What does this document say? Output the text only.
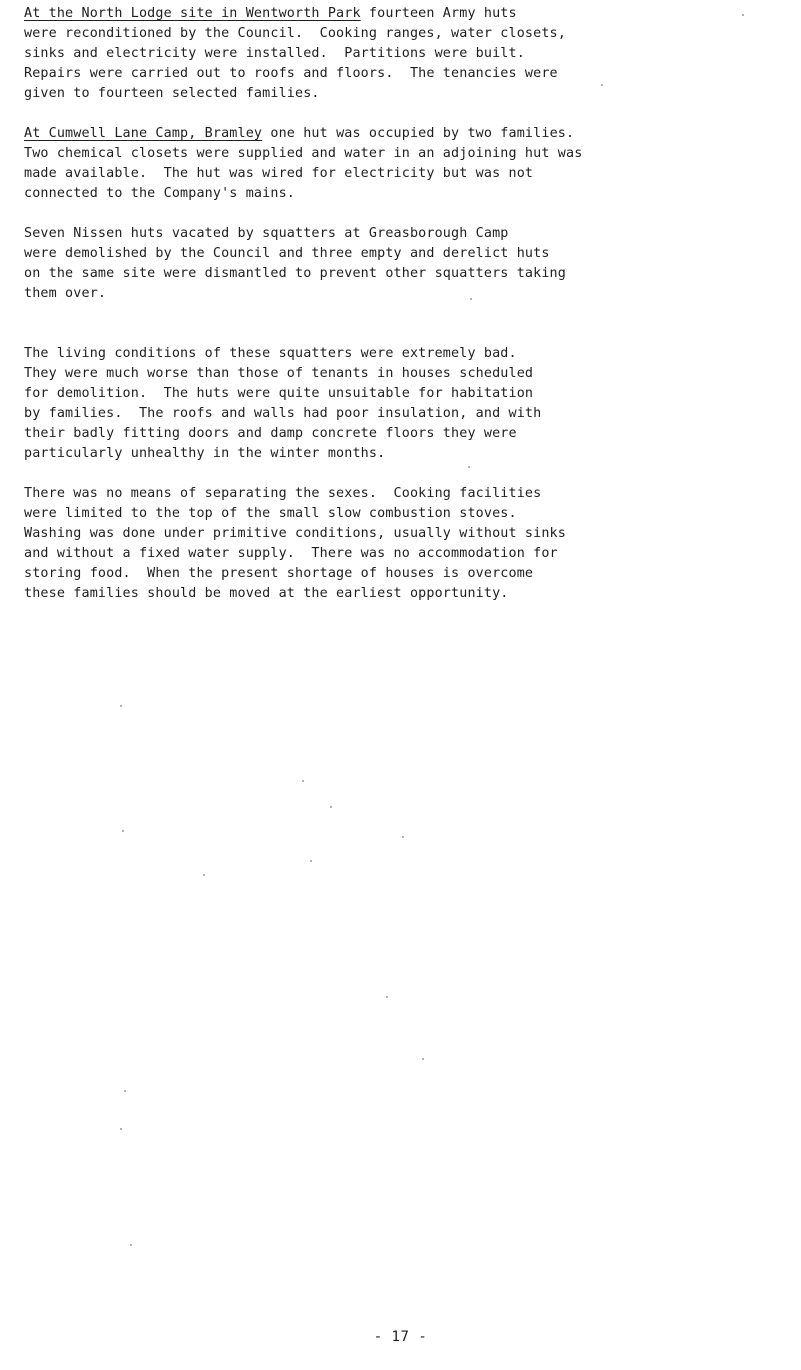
At the North Lodge site in Wentworth Park fourteen Army huts
were reconditioned by the Council.  Cooking ranges, water closets,
sinks and electricity were installed.  Partitions were built.
Repairs were carried out to roofs and floors.  The tenancies were
given to fourteen selected families.

At Cumwell Lane Camp, Bramley one hut was occupied by two families.
Two chemical closets were supplied and water in an adjoining hut was
made available.  The hut was wired for electricity but was not
connected to the Company's mains.

Seven Nissen huts vacated by squatters at Greasborough Camp
were demolished by the Council and three empty and derelict huts
on the same site were dismantled to prevent other squatters taking
them over.

The living conditions of these squatters were extremely bad.
They were much worse than those of tenants in houses scheduled
for demolition.  The huts were quite unsuitable for habitation
by families.  The roofs and walls had poor insulation, and with
their badly fitting doors and damp concrete floors they were
particularly unhealthy in the winter months.

There was no means of separating the sexes.  Cooking facilities
were limited to the top of the small slow combustion stoves.
Washing was done under primitive conditions, usually without sinks
and without a fixed water supply.  There was no accommodation for
storing food.  When the present shortage of houses is overcome
these families should be moved at the earliest opportunity.

- 17 -
